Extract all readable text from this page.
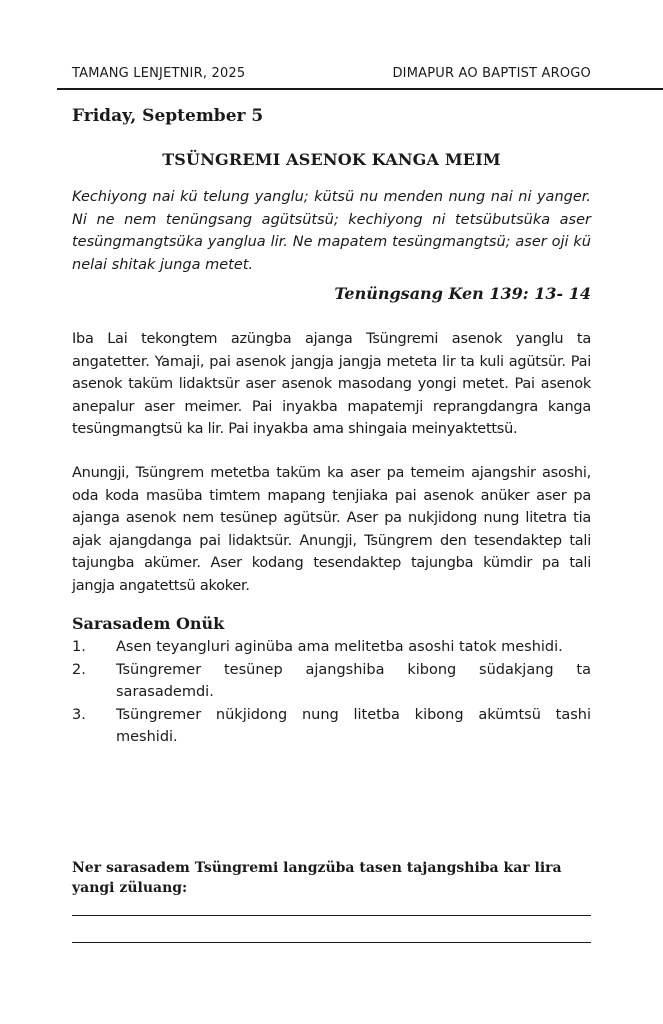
TAMANG LENJETNIR, 2025	DIMAPUR AO BAPTIST AROGO
Friday, September 5
TSÜNGREMI ASENOK KANGA MEIM
Kechiyong nai kü telung yanglu; kütsü nu menden nung nai ni yanger. Ni ne nem tenüngsang agütsütsü; kechiyong ni tetsübutsüka aser tesüngmangtsüka yanglua lir. Ne mapatem tesüngmangtsü; aser oji kü nelai shitak junga metet.
Tenüngsang Ken 139: 13- 14
Iba Lai tekongtem azüngba ajanga Tsüngremi asenok yanglu ta angatetter. Yamaji, pai asenok jangja jangja meteta lir ta kuli agütsür. Pai asenok taküm lidaktsür aser asenok masodang yongi metet. Pai asenok anepalur aser meimer. Pai inyakba mapatemji reprangdangra kanga tesüngmangtsü ka lir. Pai inyakba ama shingaia meinyaktettsü.
Anungji, Tsüngrem metetba taküm ka aser pa temeim ajangshir asoshi, oda koda masüba timtem mapang tenjiaka pai asenok anüker aser pa ajanga asenok nem tesünep agütsür. Aser pa nukjidong nung litetra tia ajak ajangdanga pai lidaktsür. Anungji, Tsüngrem den tesendaktep tali tajungba akümer. Aser kodang tesendaktep tajungba kümdir pa tali jangja angatettsü akoker.
Sarasadem Onük
1.	Asen teyangluri aginüba ama melitetba asoshi tatok meshidi.
2.	Tsüngremer tesünep ajangshiba kibong südakjang ta sarasademdi.
3.	Tsüngremer nükjidong nung litetba kibong akümtsü tashi meshidi.
Ner sarasadem Tsüngremi langzüba tasen tajangshiba kar lira yangi züluang:
